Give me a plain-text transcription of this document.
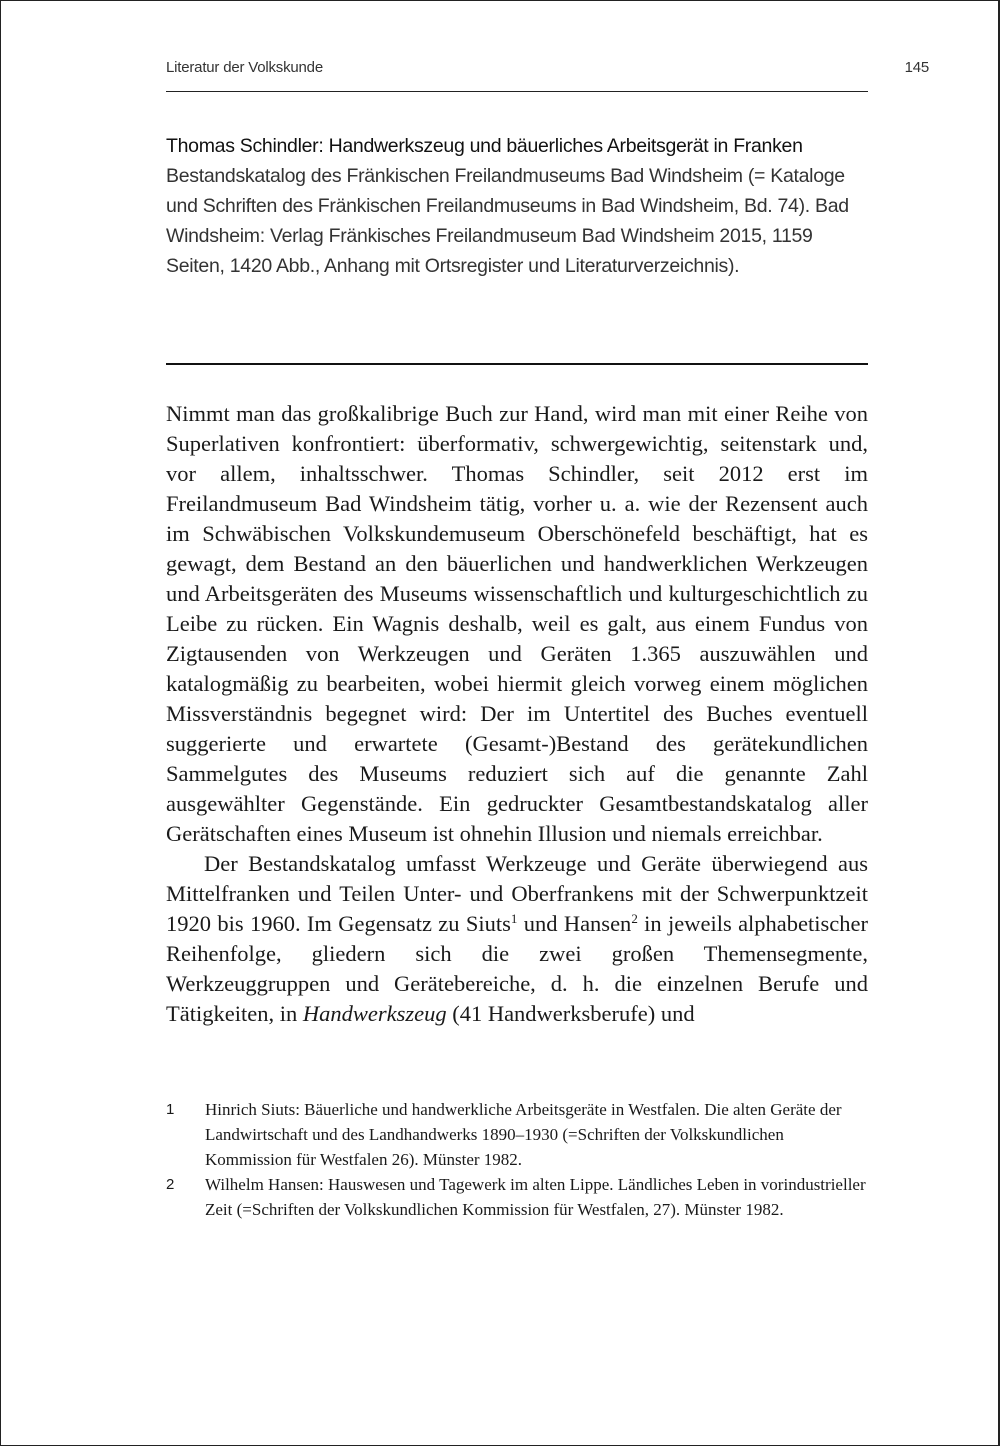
Literatur der Volkskunde	145
Thomas Schindler: Handwerkszeug und bäuerliches Arbeitsgerät in Franken
Bestandskatalog des Fränkischen Freilandmuseums Bad Windsheim (= Kataloge und Schriften des Fränkischen Freilandmuseums in Bad Windsheim, Bd. 74). Bad Windsheim: Verlag Fränkisches Freilandmuseum Bad Windsheim 2015, 1159 Seiten, 1420 Abb., Anhang mit Ortsregister und Literaturverzeichnis).

Nimmt man das großkalibrige Buch zur Hand, wird man mit einer Reihe von Superlativen konfrontiert: überformativ, schwergewichtig, seitenstark und, vor allem, inhaltsschwer. Thomas Schindler, seit 2012 erst im Freilandmuseum Bad Windsheim tätig, vorher u. a. wie der Rezensent auch im Schwäbischen Volkskundemuseum Oberschönefeld beschäftigt, hat es gewagt, dem Bestand an den bäuerlichen und handwerklichen Werkzeugen und Arbeitsgeräten des Museums wissenschaftlich und kulturgeschichtlich zu Leibe zu rücken. Ein Wagnis deshalb, weil es galt, aus einem Fundus von Zigtausenden von Werkzeugen und Geräten 1.365 auszuwählen und katalogmäßig zu bearbeiten, wobei hiermit gleich vorweg einem möglichen Missverständnis begegnet wird: Der im Untertitel des Buches eventuell suggerierte und erwartete (Gesamt-)Bestand des gerätekundlichen Sammelgutes des Museums reduziert sich auf die genannte Zahl ausgewählter Gegenstände. Ein gedruckter Gesamtbestandskatalog aller Gerätschaften eines Museum ist ohnehin Illusion und niemals erreichbar.

Der Bestandskatalog umfasst Werkzeuge und Geräte überwiegend aus Mittelfranken und Teilen Unter- und Oberfrankens mit der Schwerpunktzeit 1920 bis 1960. Im Gegensatz zu Siuts$^1$ und Hansen$^2$ in jeweils alphabetischer Reihenfolge, gliedern sich die zwei großen Themensegmente, Werkzeuggruppen und Gerätebereiche, d. h. die einzelnen Berufe und Tätigkeiten, in Handwerkszeug (41 Handwerksberufe) und

1 Hinrich Siuts: Bäuerliche und handwerkliche Arbeitsgeräte in Westfalen. Die alten Geräte der Landwirtschaft und des Landhandwerks 1890–1930 (=Schriften der Volkskundlichen Kommission für Westfalen 26). Münster 1982.
2 Wilhelm Hansen: Hauswesen und Tagewerk im alten Lippe. Ländliches Leben in vorindustrieller Zeit (=Schriften der Volkskundlichen Kommission für Westfalen, 27). Münster 1982.
